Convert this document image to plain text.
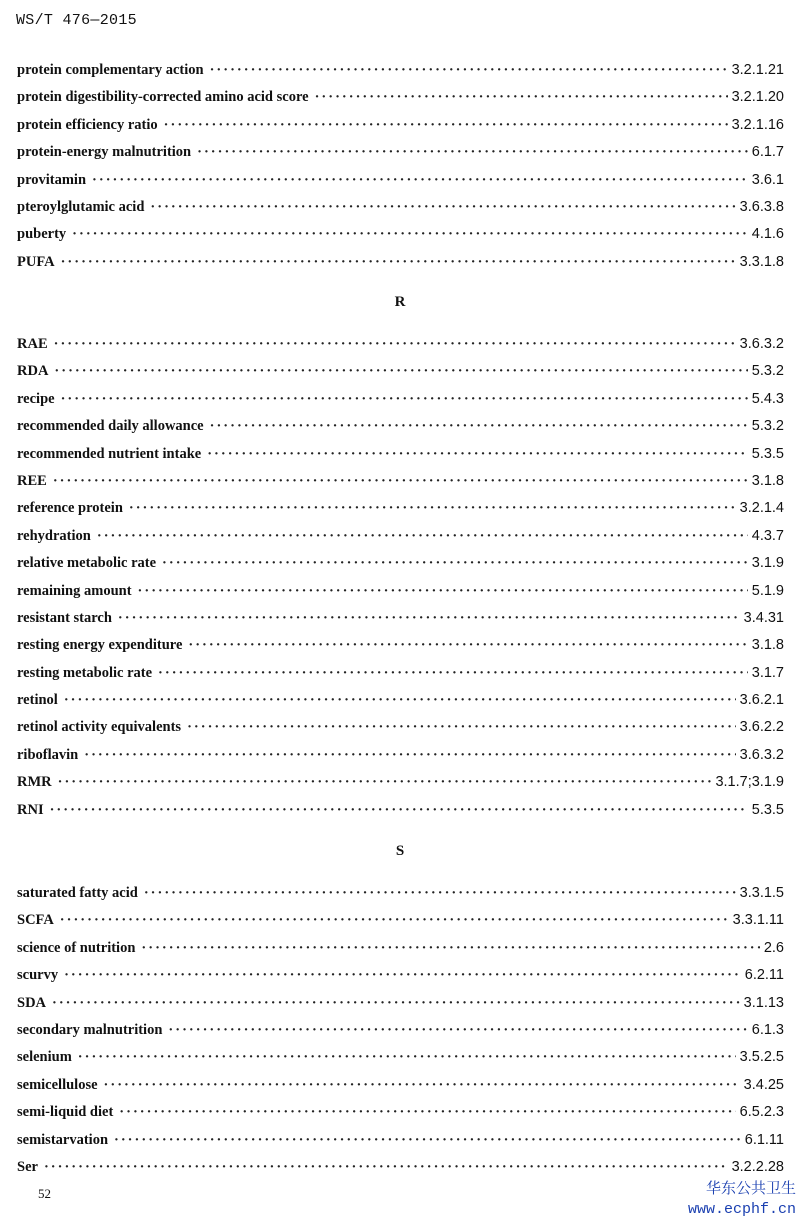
WS/T 476—2015
protein complementary action ·····	3.2.1.21
protein digestibility-corrected amino acid score ·····	3.2.1.20
protein efficiency ratio ·····	3.2.1.16
protein-energy malnutrition ·····	6.1.7
provitamin ·····	3.6.1
pteroylglutamic acid ·····	3.6.3.8
puberty ·····	4.1.6
PUFA ·····	3.3.1.8
R
RAE ·····	3.6.3.2
RDA ·····	5.3.2
recipe ·····	5.4.3
recommended daily allowance ·····	5.3.2
recommended nutrient intake ·····	5.3.5
REE ·····	3.1.8
reference protein ·····	3.2.1.4
rehydration ·····	4.3.7
relative metabolic rate ·····	3.1.9
remaining amount ·····	5.1.9
resistant starch ·····	3.4.31
resting energy expenditure ·····	3.1.8
resting metabolic rate ·····	3.1.7
retinol ·····	3.6.2.1
retinol activity equivalents ·····	3.6.2.2
riboflavin ·····	3.6.3.2
RMR ·····	3.1.7;3.1.9
RNI ·····	5.3.5
S
saturated fatty acid ·····	3.3.1.5
SCFA ·····	3.3.1.11
science of nutrition ·····	2.6
scurvy ·····	6.2.11
SDA ·····	3.1.13
secondary malnutrition ·····	6.1.3
selenium ·····	3.5.2.5
semicellulose ·····	3.4.25
semi-liquid diet ·····	6.5.2.3
semistarvation ·····	6.1.11
Ser ·····	3.2.2.28
52	华东公共卫生
www.ecphf.cn
